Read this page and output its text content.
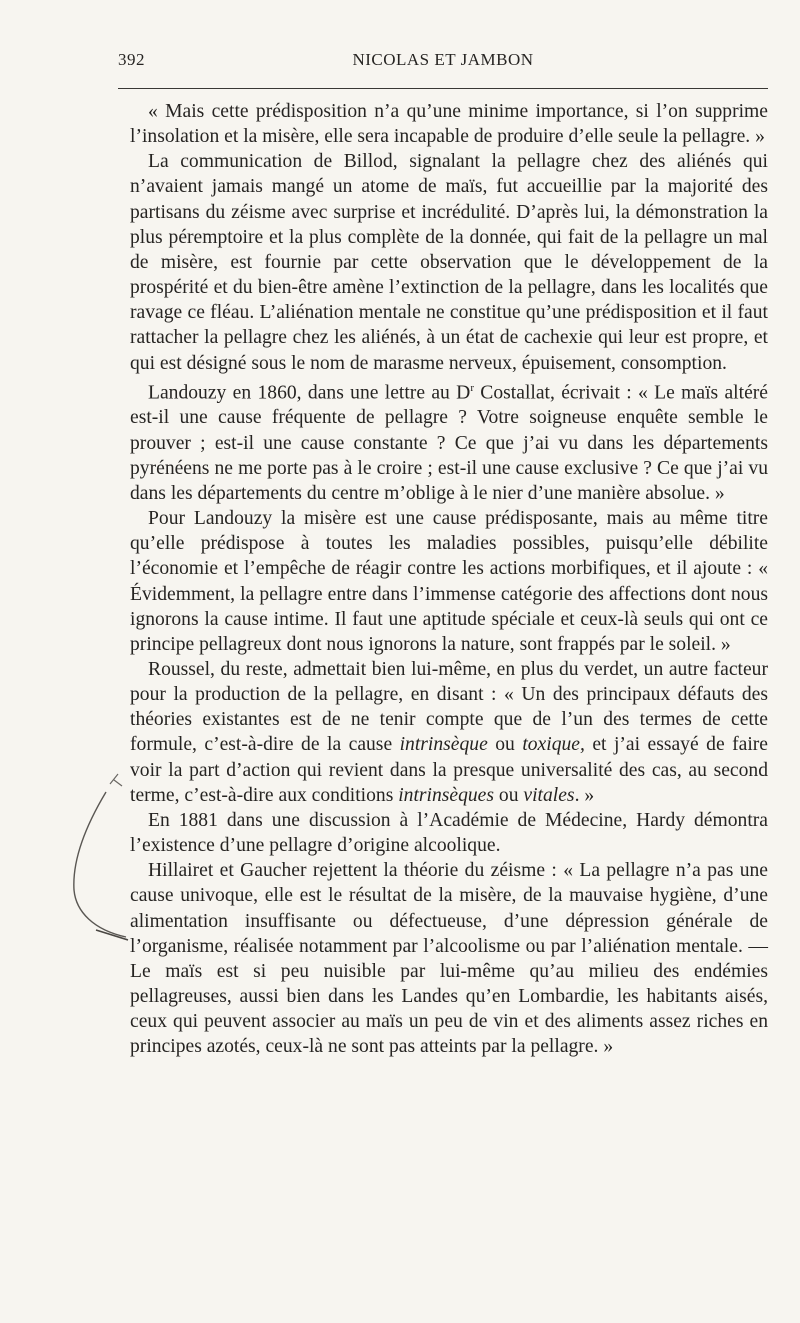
392	NICOLAS ET JAMBON

« Mais cette prédisposition n’a qu’une minime importance, si l’on supprime l’insolation et la misère, elle sera incapable de produire d’elle seule la pellagre. »

La communication de Billod, signalant la pellagre chez des aliénés qui n’avaient jamais mangé un atome de maïs, fut accueillie par la majorité des partisans du zéisme avec surprise et incrédulité. D’après lui, la démonstration la plus péremptoire et la plus complète de la donnée, qui fait de la pellagre un mal de misère, est fournie par cette observation que le développement de la prospérité et du bien-être amène l’extinction de la pellagre, dans les localités que ravage ce fléau. L’aliénation mentale ne constitue qu’une prédisposition et il faut rattacher la pellagre chez les aliénés, à un état de cachexie qui leur est propre, et qui est désigné sous le nom de marasme nerveux, épuisement, consomption.

Landouzy en 1860, dans une lettre au $D^r$ Costallat, écrivait : « Le maïs altéré est-il une cause fréquente de pellagre ? Votre soigneuse enquête semble le prouver ; est-il une cause constante ? Ce que j’ai vu dans les départements pyrénéens ne me porte pas à le croire ; est-il une cause exclusive ? Ce que j’ai vu dans les départements du centre m’oblige à le nier d’une manière absolue. »

Pour Landouzy la misère est une cause prédisposante, mais au même titre qu’elle prédispose à toutes les maladies possibles, puisqu’elle débilite l’économie et l’empêche de réagir contre les actions morbifiques, et il ajoute : « Évidemment, la pellagre entre dans l’immense catégorie des affections dont nous ignorons la cause intime. Il faut une aptitude spéciale et ceux-là seuls qui ont ce principe pellagreux dont nous ignorons la nature, sont frappés par le soleil. »

Roussel, du reste, admettait bien lui-même, en plus du verdet, un autre facteur pour la production de la pellagre, en disant : « Un des principaux défauts des théories existantes est de ne tenir compte que de l’un des termes de cette formule, c’est-à-dire de la cause intrinsèque ou toxique, et j’ai essayé de faire voir la part d’action qui revient dans la presque universalité des cas, au second terme, c’est-à-dire aux conditions intrinsèques ou vitales. »

En 1881 dans une discussion à l’Académie de Médecine, Hardy démontra l’existence d’une pellagre d’origine alcoolique.

Hillairet et Gaucher rejettent la théorie du zéisme : « La pellagre n’a pas une cause univoque, elle est le résultat de la misère, de la mauvaise hygiène, d’une alimentation insuffisante ou défectueuse, d’une dépression générale de l’organisme, réalisée notamment par l’alcoolisme ou par l’aliénation mentale. — Le maïs est si peu nuisible par lui-même qu’au milieu des endémies pellagreuses, aussi bien dans les Landes qu’en Lombardie, les habitants aisés, ceux qui peuvent associer au maïs un peu de vin et des aliments assez riches en principes azotés, ceux-là ne sont pas atteints par la pellagre. »
